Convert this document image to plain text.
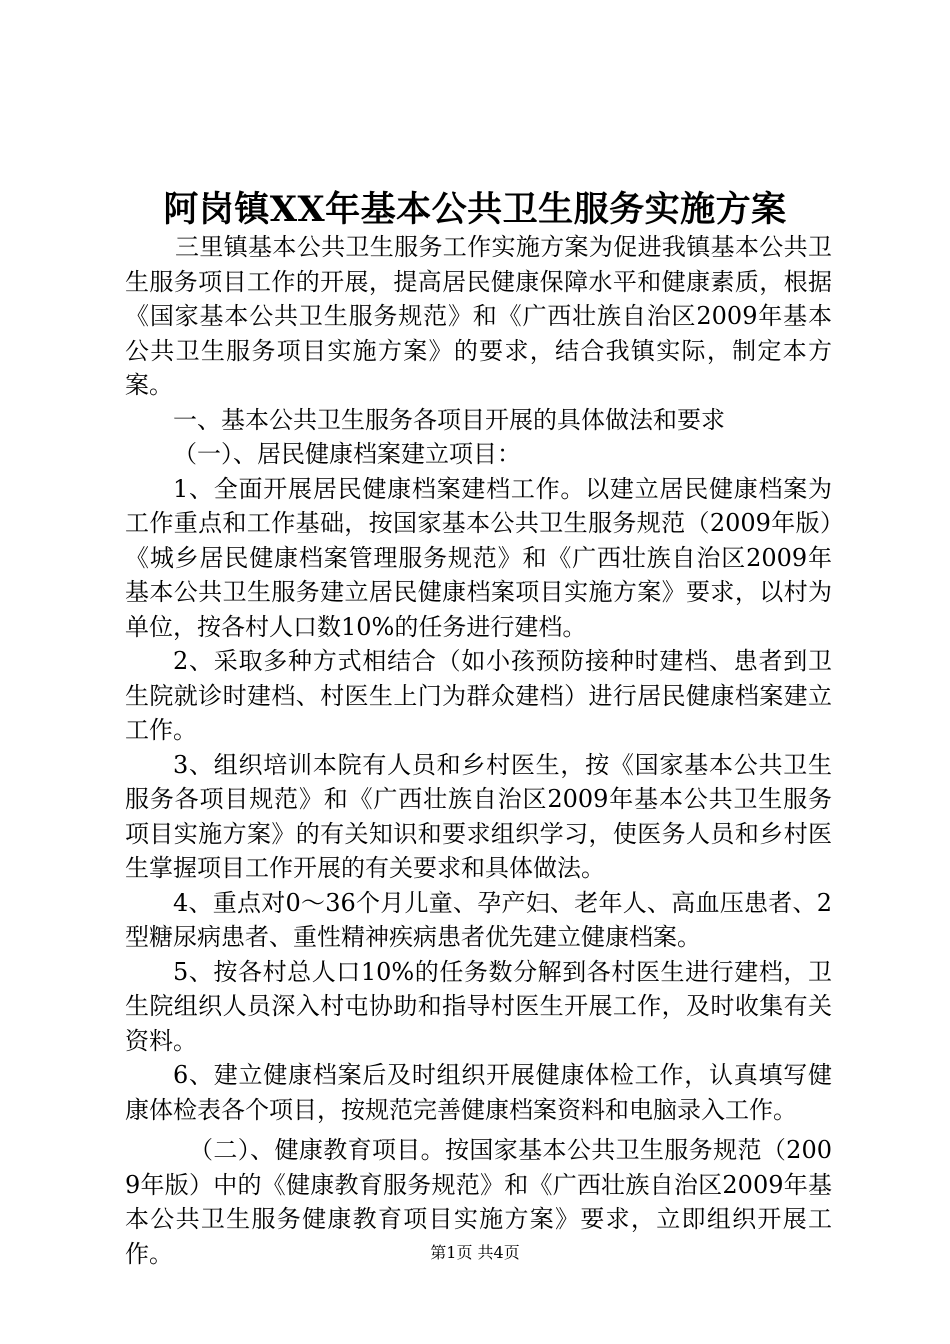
阿岗镇XX年基本公共卫生服务实施方案

三里镇基本公共卫生服务工作实施方案为促进我镇基本公共卫生服务项目工作的开展，提高居民健康保障水平和健康素质，根据《国家基本公共卫生服务规范》和《广西壮族自治区2009年基本公共卫生服务项目实施方案》的要求，结合我镇实际，制定本方案。

一、基本公共卫生服务各项目开展的具体做法和要求

（一）、居民健康档案建立项目：

1、全面开展居民健康档案建档工作。以建立居民健康档案为工作重点和工作基础，按国家基本公共卫生服务规范（2009年版）《城乡居民健康档案管理服务规范》和《广西壮族自治区2009年基本公共卫生服务建立居民健康档案项目实施方案》要求，以村为单位，按各村人口数10%的任务进行建档。

2、采取多种方式相结合（如小孩预防接种时建档、患者到卫生院就诊时建档、村医生上门为群众建档）进行居民健康档案建立工作。

3、组织培训本院有人员和乡村医生，按《国家基本公共卫生服务各项目规范》和《广西壮族自治区2009年基本公共卫生服务项目实施方案》的有关知识和要求组织学习，使医务人员和乡村医生掌握项目工作开展的有关要求和具体做法。

4、重点对0～36个月儿童、孕产妇、老年人、高血压患者、2型糖尿病患者、重性精神疾病患者优先建立健康档案。

5、按各村总人口10%的任务数分解到各村医生进行建档，卫生院组织人员深入村屯协助和指导村医生开展工作，及时收集有关资料。

6、建立健康档案后及时组织开展健康体检工作，认真填写健康体检表各个项目，按规范完善健康档案资料和电脑录入工作。

（二）、健康教育项目。按国家基本公共卫生服务规范（2009年版）中的《健康教育服务规范》和《广西壮族自治区2009年基本公共卫生服务健康教育项目实施方案》要求，立即组织开展工作。	第1页 共4页
